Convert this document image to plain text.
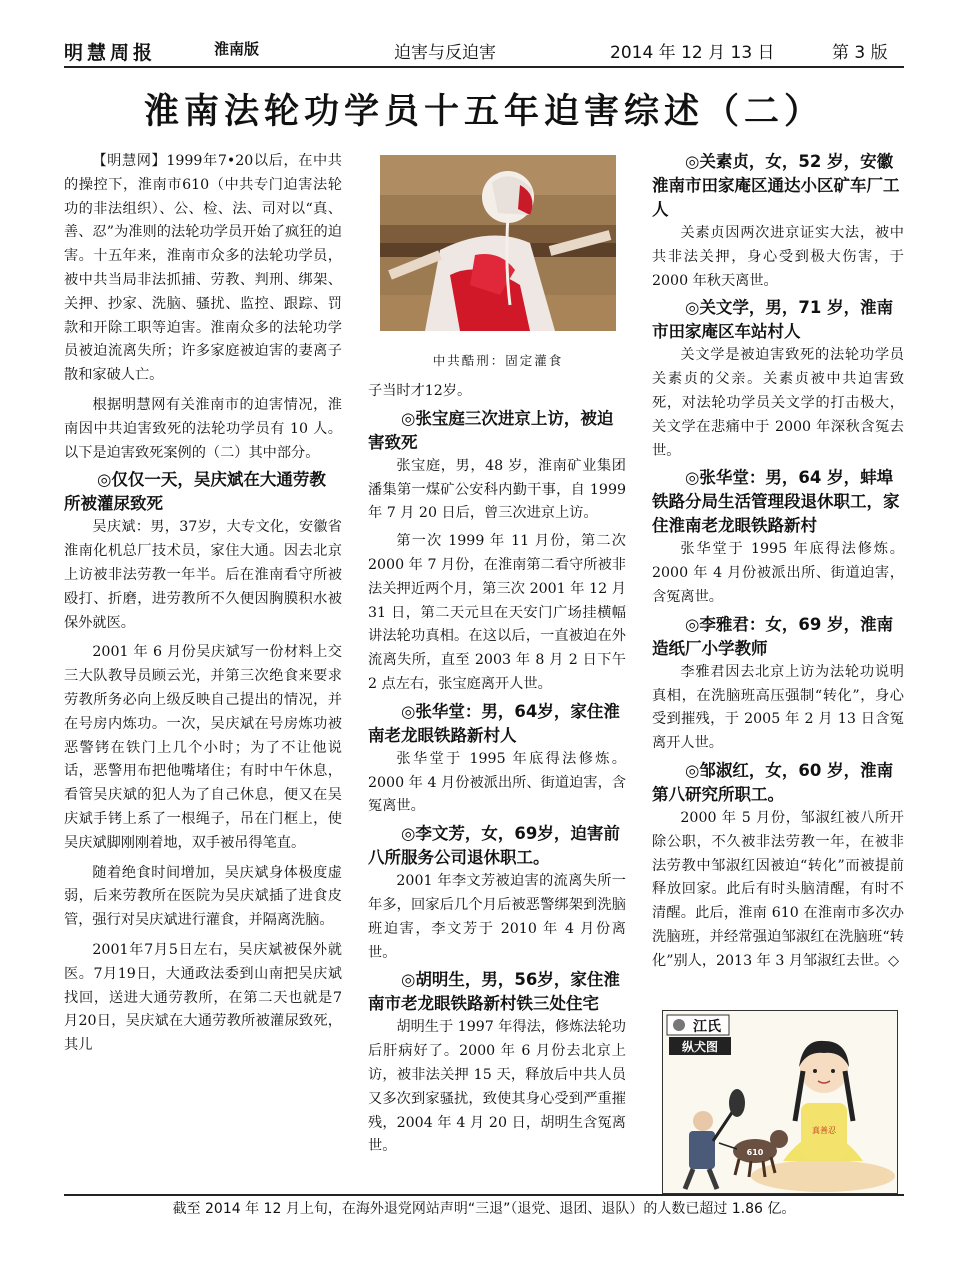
明慧周报	淮南版	迫害与反迫害	2014 年 12 月 13 日	第 3 版
淮南法轮功学员十五年迫害综述（二）

【明慧网】1999年7•20以后，在中共的操控下，淮南市610（中共专门迫害法轮功的非法组织）、公、检、法、司对以“真、善、忍”为准则的法轮功学员开始了疯狂的迫害。十五年来，淮南市众多的法轮功学员，被中共当局非法抓捕、劳教、判刑、绑架、关押、抄家、洗脑、骚扰、监控、跟踪、罚款和开除工职等迫害。淮南众多的法轮功学员被迫流离失所；许多家庭被迫害的妻离子散和家破人亡。

根据明慧网有关淮南市的迫害情况，淮南因中共迫害致死的法轮功学员有 10 人。以下是迫害致死案例的（二）其中部分。

◎仅仅一天，吴庆斌在大通劳教所被灌尿致死

吴庆斌：男，37岁，大专文化，安徽省淮南化机总厂技术员，家住大通。因去北京上访被非法劳教一年半。后在淮南看守所被殴打、折磨，进劳教所不久便因胸膜积水被保外就医。

2001 年 6 月份吴庆斌写一份材料上交三大队教导员顾云光，并第三次绝食来要求劳教所务必向上级反映自己提出的情况，并在号房内炼功。一次，吴庆斌在号房炼功被恶警铐在铁门上几个小时；为了不让他说话，恶警用布把他嘴堵住；有时中午休息，看管吴庆斌的犯人为了自己休息，便又在吴庆斌手铐上系了一根绳子，吊在门框上，使吴庆斌脚刚刚着地，双手被吊得笔直。

随着绝食时间增加，吴庆斌身体极度虚弱，后来劳教所在医院为吴庆斌插了进食皮管，强行对吴庆斌进行灌食，并隔离洗脑。

2001年7月5日左右，吴庆斌被保外就医。7月19日，大通政法委到山南把吴庆斌找回，送进大通劳教所，在第二天也就是7月20日，吴庆斌在大通劳教所被灌尿致死，其儿

中共酷刑：固定灌食

子当时才12岁。

◎张宝庭三次进京上访，被迫害致死

张宝庭，男，48 岁，淮南矿业集团潘集第一煤矿公安科内勤干事，自 1999 年 7 月 20 日后，曾三次进京上访。

第一次 1999 年 11 月份，第二次 2000 年 7 月份，在淮南第二看守所被非法关押近两个月，第三次 2001 年 12 月 31 日，第二天元旦在天安门广场挂横幅讲法轮功真相。在这以后，一直被迫在外流离失所，直至 2003 年 8 月 2 日下午 2 点左右，张宝庭离开人世。

◎张华堂：男，64岁，家住淮南老龙眼铁路新村人

张华堂于 1995 年底得法修炼。2000 年 4 月份被派出所、街道迫害，含冤离世。

◎李文芳，女，69岁，迫害前八所服务公司退休职工。

2001 年李文芳被迫害的流离失所一年多，回家后几个月后被恶警绑架到洗脑班迫害，李文芳于 2010 年 4 月份离世。

◎胡明生，男，56岁，家住淮南市老龙眼铁路新村铁三处住宅

胡明生于 1997 年得法，修炼法轮功后肝病好了。2000 年 6 月份去北京上访，被非法关押 15 天，释放后中共人员又多次到家骚扰，致使其身心受到严重摧残，2004 年 4 月 20 日，胡明生含冤离世。

◎关素贞，女，52 岁，安徽淮南市田家庵区通达小区矿车厂工人

关素贞因两次进京证实大法，被中共非法关押，身心受到极大伤害，于 2000 年秋天离世。

◎关文学，男，71 岁，淮南市田家庵区车站村人

关文学是被迫害致死的法轮功学员关素贞的父亲。关素贞被中共迫害致死，对法轮功学员关文学的打击极大，关文学在悲痛中于 2000 年深秋含冤去世。

◎张华堂：男，64 岁，蚌埠铁路分局生活管理段退休职工，家住淮南老龙眼铁路新村

张华堂于 1995 年底得法修炼。2000 年 4 月份被派出所、街道迫害，含冤离世。

◎李雅君：女，69 岁，淮南造纸厂小学教师

李雅君因去北京上访为法轮功说明真相，在洗脑班高压强制“转化”，身心受到摧残，于 2005 年 2 月 13 日含冤离开人世。

◎邹淑红，女，60 岁，淮南第八研究所职工。

2000 年 5 月份，邹淑红被八所开除公职，不久被非法劳教一年，在被非法劳教中邹淑红因被迫“转化”而被提前释放回家。此后有时头脑清醒，有时不清醒。此后，淮南 610 在淮南市多次办洗脑班，并经常强迫邹淑红在洗脑班“转化”别人，2013 年 3 月邹淑红去世。◇

江氏
纵犬图
真善忍
610
截至 2014 年 12 月上旬，在海外退党网站声明“三退”（退党、退团、退队）的人数已超过 1.86 亿。
